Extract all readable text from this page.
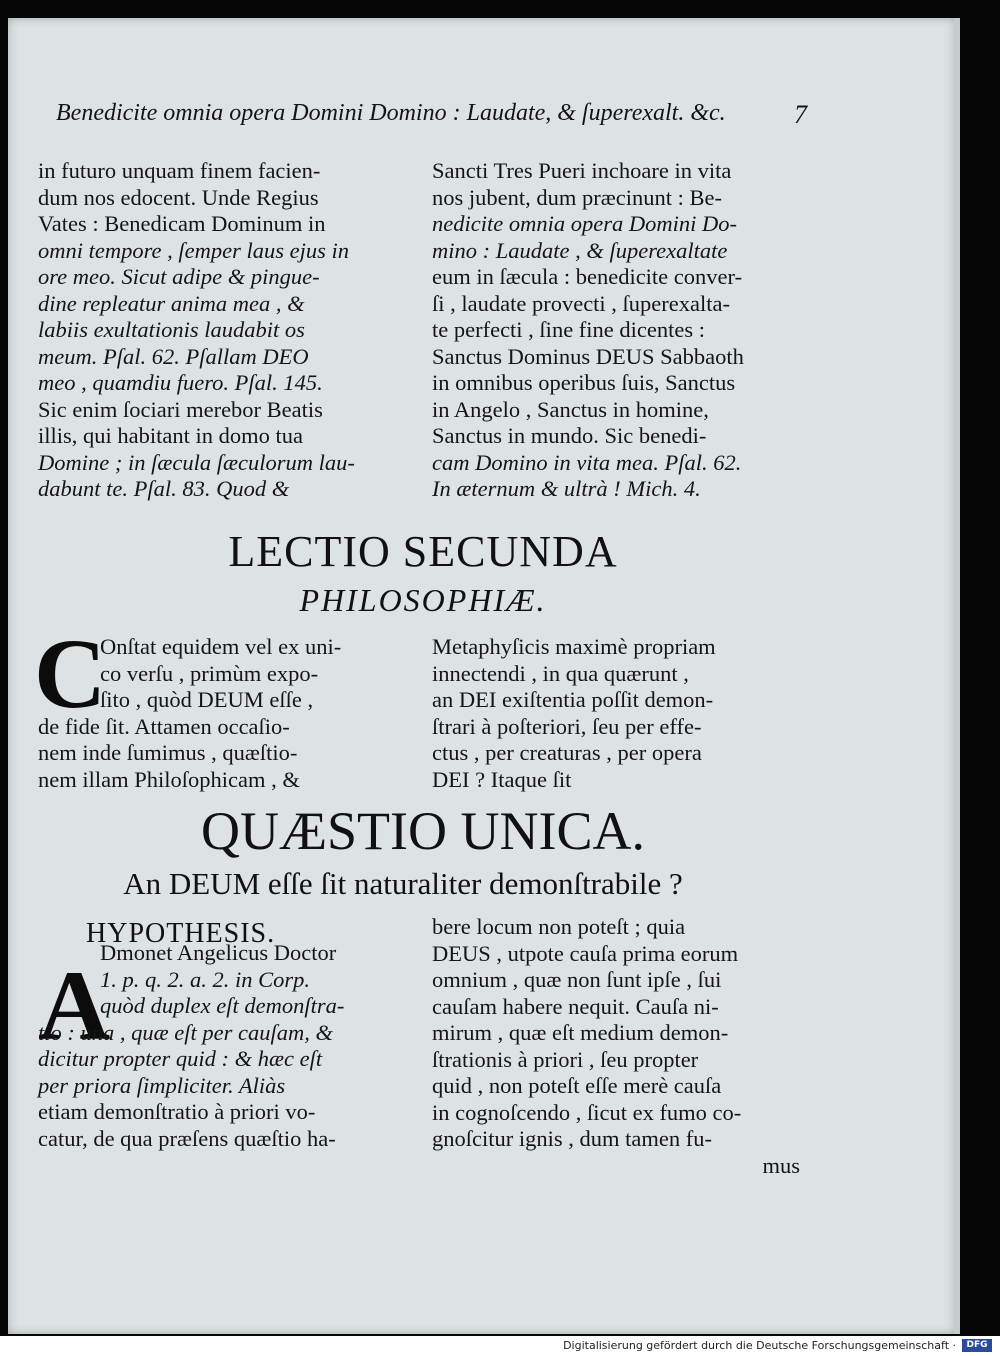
Benedicite omnia opera Domini Domino : Laudate, & ſuperexalt. &c.	7
in futuro unquam finem facien-
dum nos edocent. Unde Regius
Vates : Benedicam Dominum in
omni tempore , ſemper laus ejus in
ore meo. Sicut adipe & pingue-
dine repleatur anima mea , &
labiis exultationis laudabit os
meum. Pſal. 62. Pſallam DEO
meo , quamdiu fuero. Pſal. 145.
Sic enim ſociari merebor Beatis
illis, qui habitant in domo tua
Domine ; in ſæcula ſæculorum lau-
dabunt te. Pſal. 83. Quod &
Sancti Tres Pueri inchoare in vita
nos jubent, dum præcinunt : Be-
nedicite omnia opera Domini Do-
mino : Laudate , & ſuperexaltate
eum in ſæcula : benedicite conver-
ſi , laudate provecti , ſuperexalta-
te perfecti , ſine fine dicentes :
Sanctus Dominus DEUS Sabbaoth
in omnibus operibus ſuis, Sanctus
in Angelo , Sanctus in homine,
Sanctus in mundo. Sic benedi-
cam Domino in vita mea. Pſal. 62.
In æternum & ultrà ! Mich. 4.
LECTIO SECUNDA
PHILOSOPHIÆ.
C
Onſtat equidem vel ex uni-
co verſu , primùm expo-
ſito , quòd DEUM eſſe ,
de fide ſit. Attamen occaſio-
nem inde ſumimus , quæſtio-
nem illam Philoſophicam , &
Metaphyſicis maximè propriam
innectendi , in qua quærunt ,
an DEI exiſtentia poſſit demon-
ſtrari à poſteriori, ſeu per effe-
ctus , per creaturas , per opera
DEI ? Itaque ſit
QUÆSTIO UNICA.
An DEUM eſſe ſit naturaliter demonſtrabile ?
HYPOTHESIS.
A
Dmonet Angelicus Doctor
1. p. q. 2. a. 2. in Corp.
quòd duplex eſt demonſtra-
tio : una , quæ eſt per cauſam, &
dicitur propter quid : & hæc eſt
per priora ſimpliciter. Aliàs
etiam demonſtratio à priori vo-
catur, de qua præſens quæſtio ha-
bere locum non poteſt ; quia
DEUS , utpote cauſa prima eorum
omnium , quæ non ſunt ipſe , ſui
cauſam habere nequit. Cauſa ni-
mirum , quæ eſt medium demon-
ſtrationis à priori , ſeu propter
quid , non poteſt eſſe merè cauſa
in cognoſcendo , ſicut ex fumo co-
gnoſcitur ignis , dum tamen fu-
mus
Digitalisierung gefördert durch die Deutsche Forschungsgemeinschaft ·	DFG
